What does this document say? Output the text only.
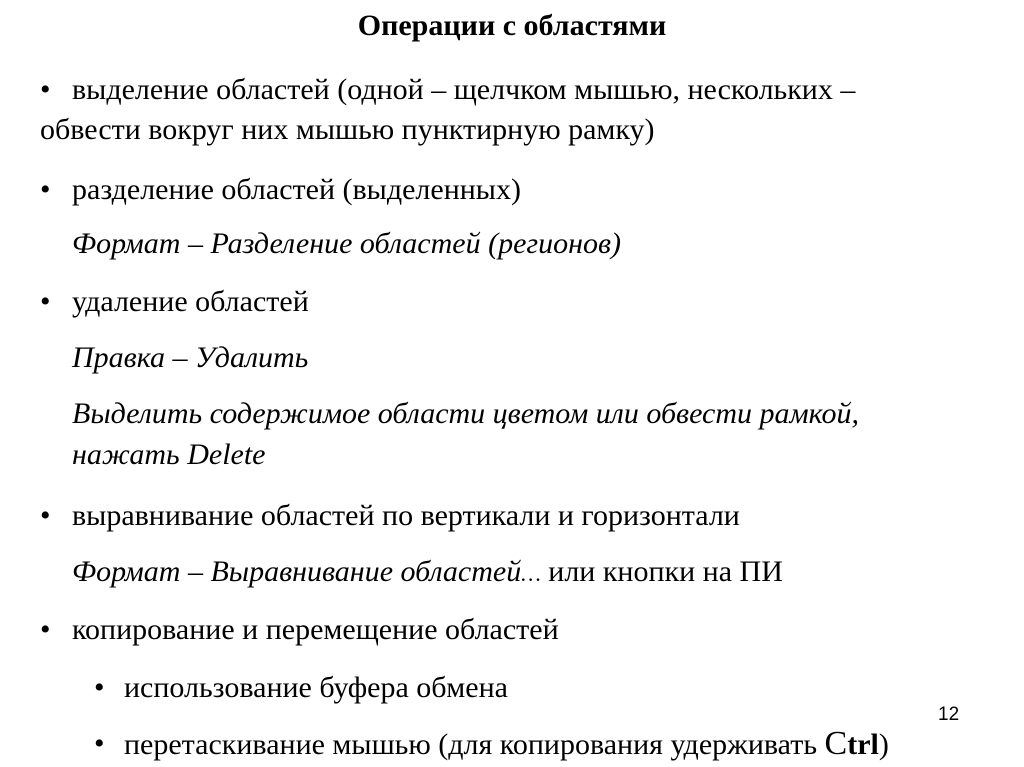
Операции с областями
• выделение областей (одной – щелчком мышью, нескольких –
обвести вокруг них мышью пунктирную рамку)
• разделение областей (выделенных)
Формат – Разделение областей (регионов)
• удаление областей
Правка – Удалить
Выделить содержимое области цветом или обвести рамкой,
нажать Delete
• выравнивание областей по вертикали и горизонтали
Формат – Выравнивание областей… или кнопки на ПИ
• копирование и перемещение областей
• использование буфера обмена
• перетаскивание мышью (для копирования удерживать Ctrl)
12
